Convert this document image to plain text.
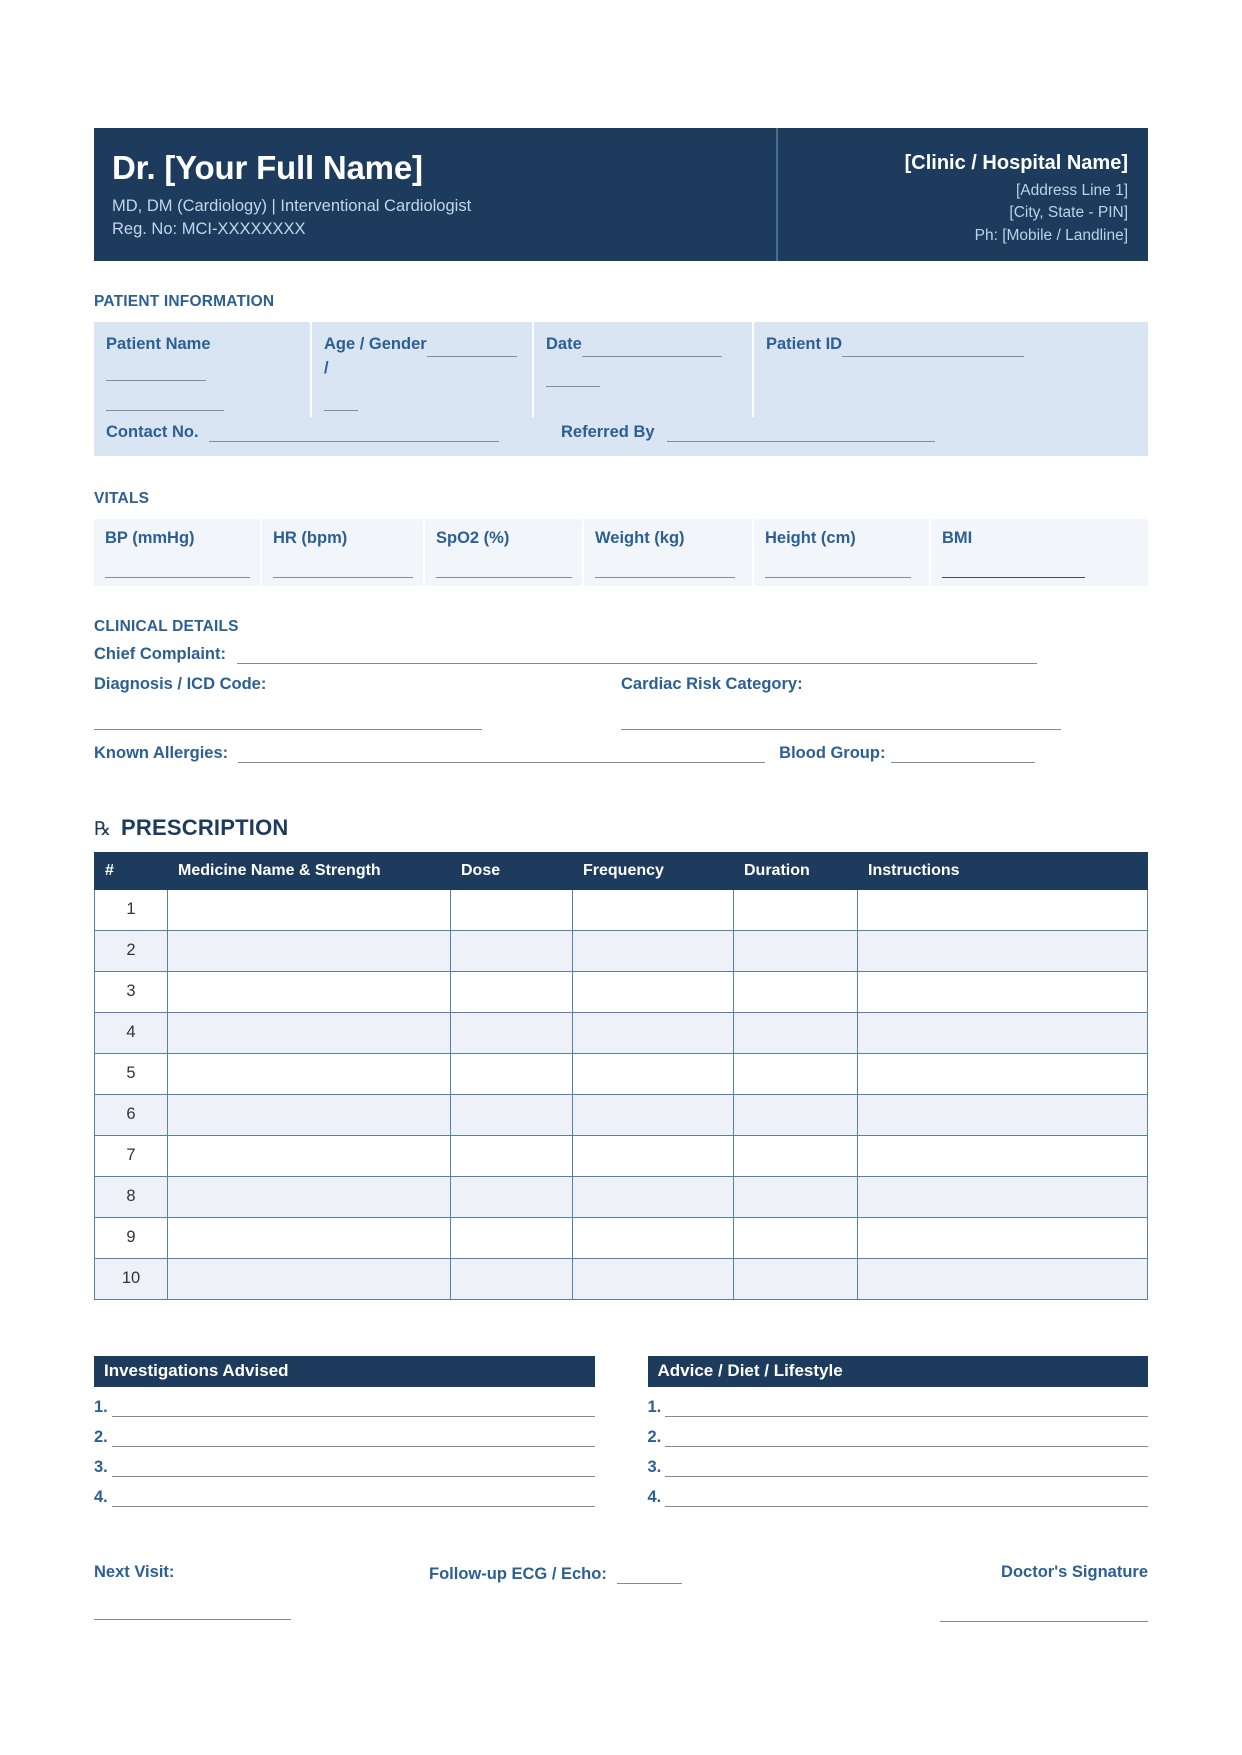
Dr. [Your Full Name]
MD, DM (Cardiology) | Interventional Cardiologist
Reg. No: MCI-XXXXXXXX
[Clinic / Hospital Name]
[Address Line 1]
[City, State - PIN]
Ph: [Mobile / Landline]
PATIENT INFORMATION
Patient Name	Age / Gender /
Date	Patient ID
Contact No.	Referred By
VITALS
BP (mmHg)	HR (bpm)	SpO2 (%)	Weight (kg)	Height (cm)	BMI
CLINICAL DETAILS
Chief Complaint:
Diagnosis / ICD Code:	Cardiac Risk Category:
Known Allergies:	Blood Group:
℞ PRESCRIPTION
#	Medicine Name & Strength	Dose	Frequency	Duration	Instructions
1					
2					
3					
4					
5					
6					
7					
8					
9					
10					
Investigations Advised
1.
2.
3.
4.
Advice / Diet / Lifestyle
1.
2.
3.
4.
Next Visit:	Follow-up ECG / Echo:	Doctor's Signature
